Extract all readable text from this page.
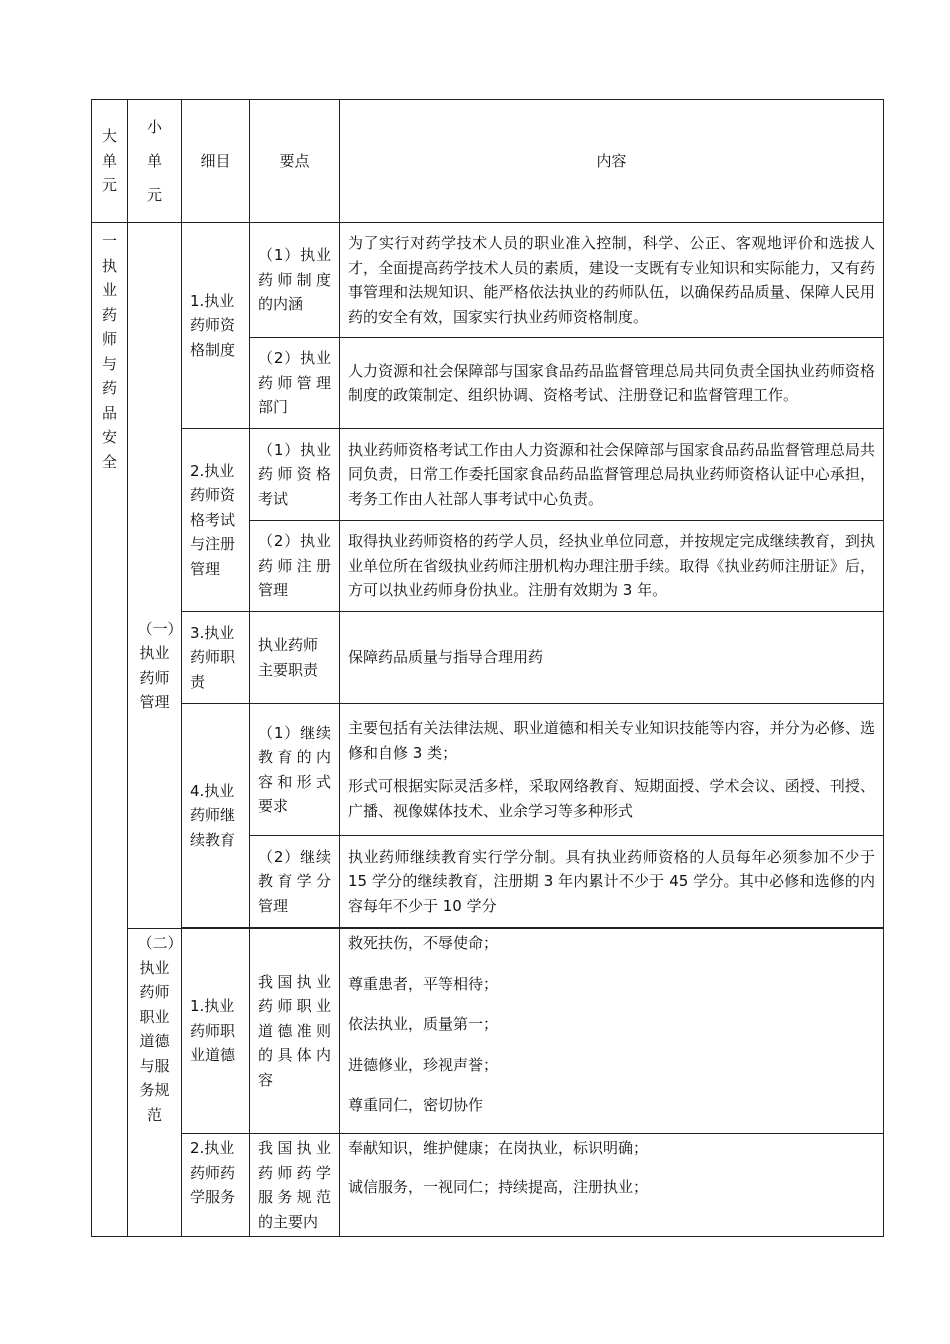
大单元	小单元	细目	要点	内容
一执业药师与药品安全	（一）执业药师管理	1.执业药师资格制度	（1）执业药师制度的内涵	为了实行对药学技术人员的职业准入控制，科学、公正、客观地评价和选拔人才，全面提高药学技术人员的素质，建设一支既有专业知识和实际能力，又有药事管理和法规知识、能严格依法执业的药师队伍，以确保药品质量、保障人民用药的安全有效，国家实行执业药师资格制度。
			（2）执业药师管理部门	人力资源和社会保障部与国家食品药品监督管理总局共同负责全国执业药师资格制度的政策制定、组织协调、资格考试、注册登记和监督管理工作。
		2.执业药师资格考试与注册管理	（1）执业药师资格考试	执业药师资格考试工作由人力资源和社会保障部与国家食品药品监督管理总局共同负责，日常工作委托国家食品药品监督管理总局执业药师资格认证中心承担，考务工作由人社部人事考试中心负责。
			（2）执业药师注册管理	取得执业药师资格的药学人员，经执业单位同意，并按规定完成继续教育，到执业单位所在省级执业药师注册机构办理注册手续。取得《执业药师注册证》后，方可以执业药师身份执业。注册有效期为 3 年。
		3.执业药师职责	执业药师主要职责	保障药品质量与指导合理用药
		4.执业药师继续教育	（1）继续教育的内容和形式要求	主要包括有关法律法规、职业道德和相关专业知识技能等内容，并分为必修、选修和自修 3 类；

形式可根据实际灵活多样，采取网络教育、短期面授、学术会议、函授、刊授、广播、视像媒体技术、业余学习等多种形式

			（2）继续教育学分管理	执业药师继续教育实行学分制。具有执业药师资格的人员每年必须参加不少于 15 学分的继续教育，注册期 3 年内累计不少于 45 学分。其中必修和选修的内容每年不少于 10 学分

	（二）执业药师职业道德与服务规范	1.执业药师职业道德	我国执业药师职业道德准则的具体内容	救死扶伤，不辱使命；

尊重患者，平等相待；

依法执业，质量第一；

进德修业，珍视声誉；

尊重同仁，密切协作

		2.执业药师药学服务	我国执业药师药学服务规范的主要内	奉献知识，维护健康；在岗执业，标识明确；

诚信服务，一视同仁；持续提高，注册执业；
